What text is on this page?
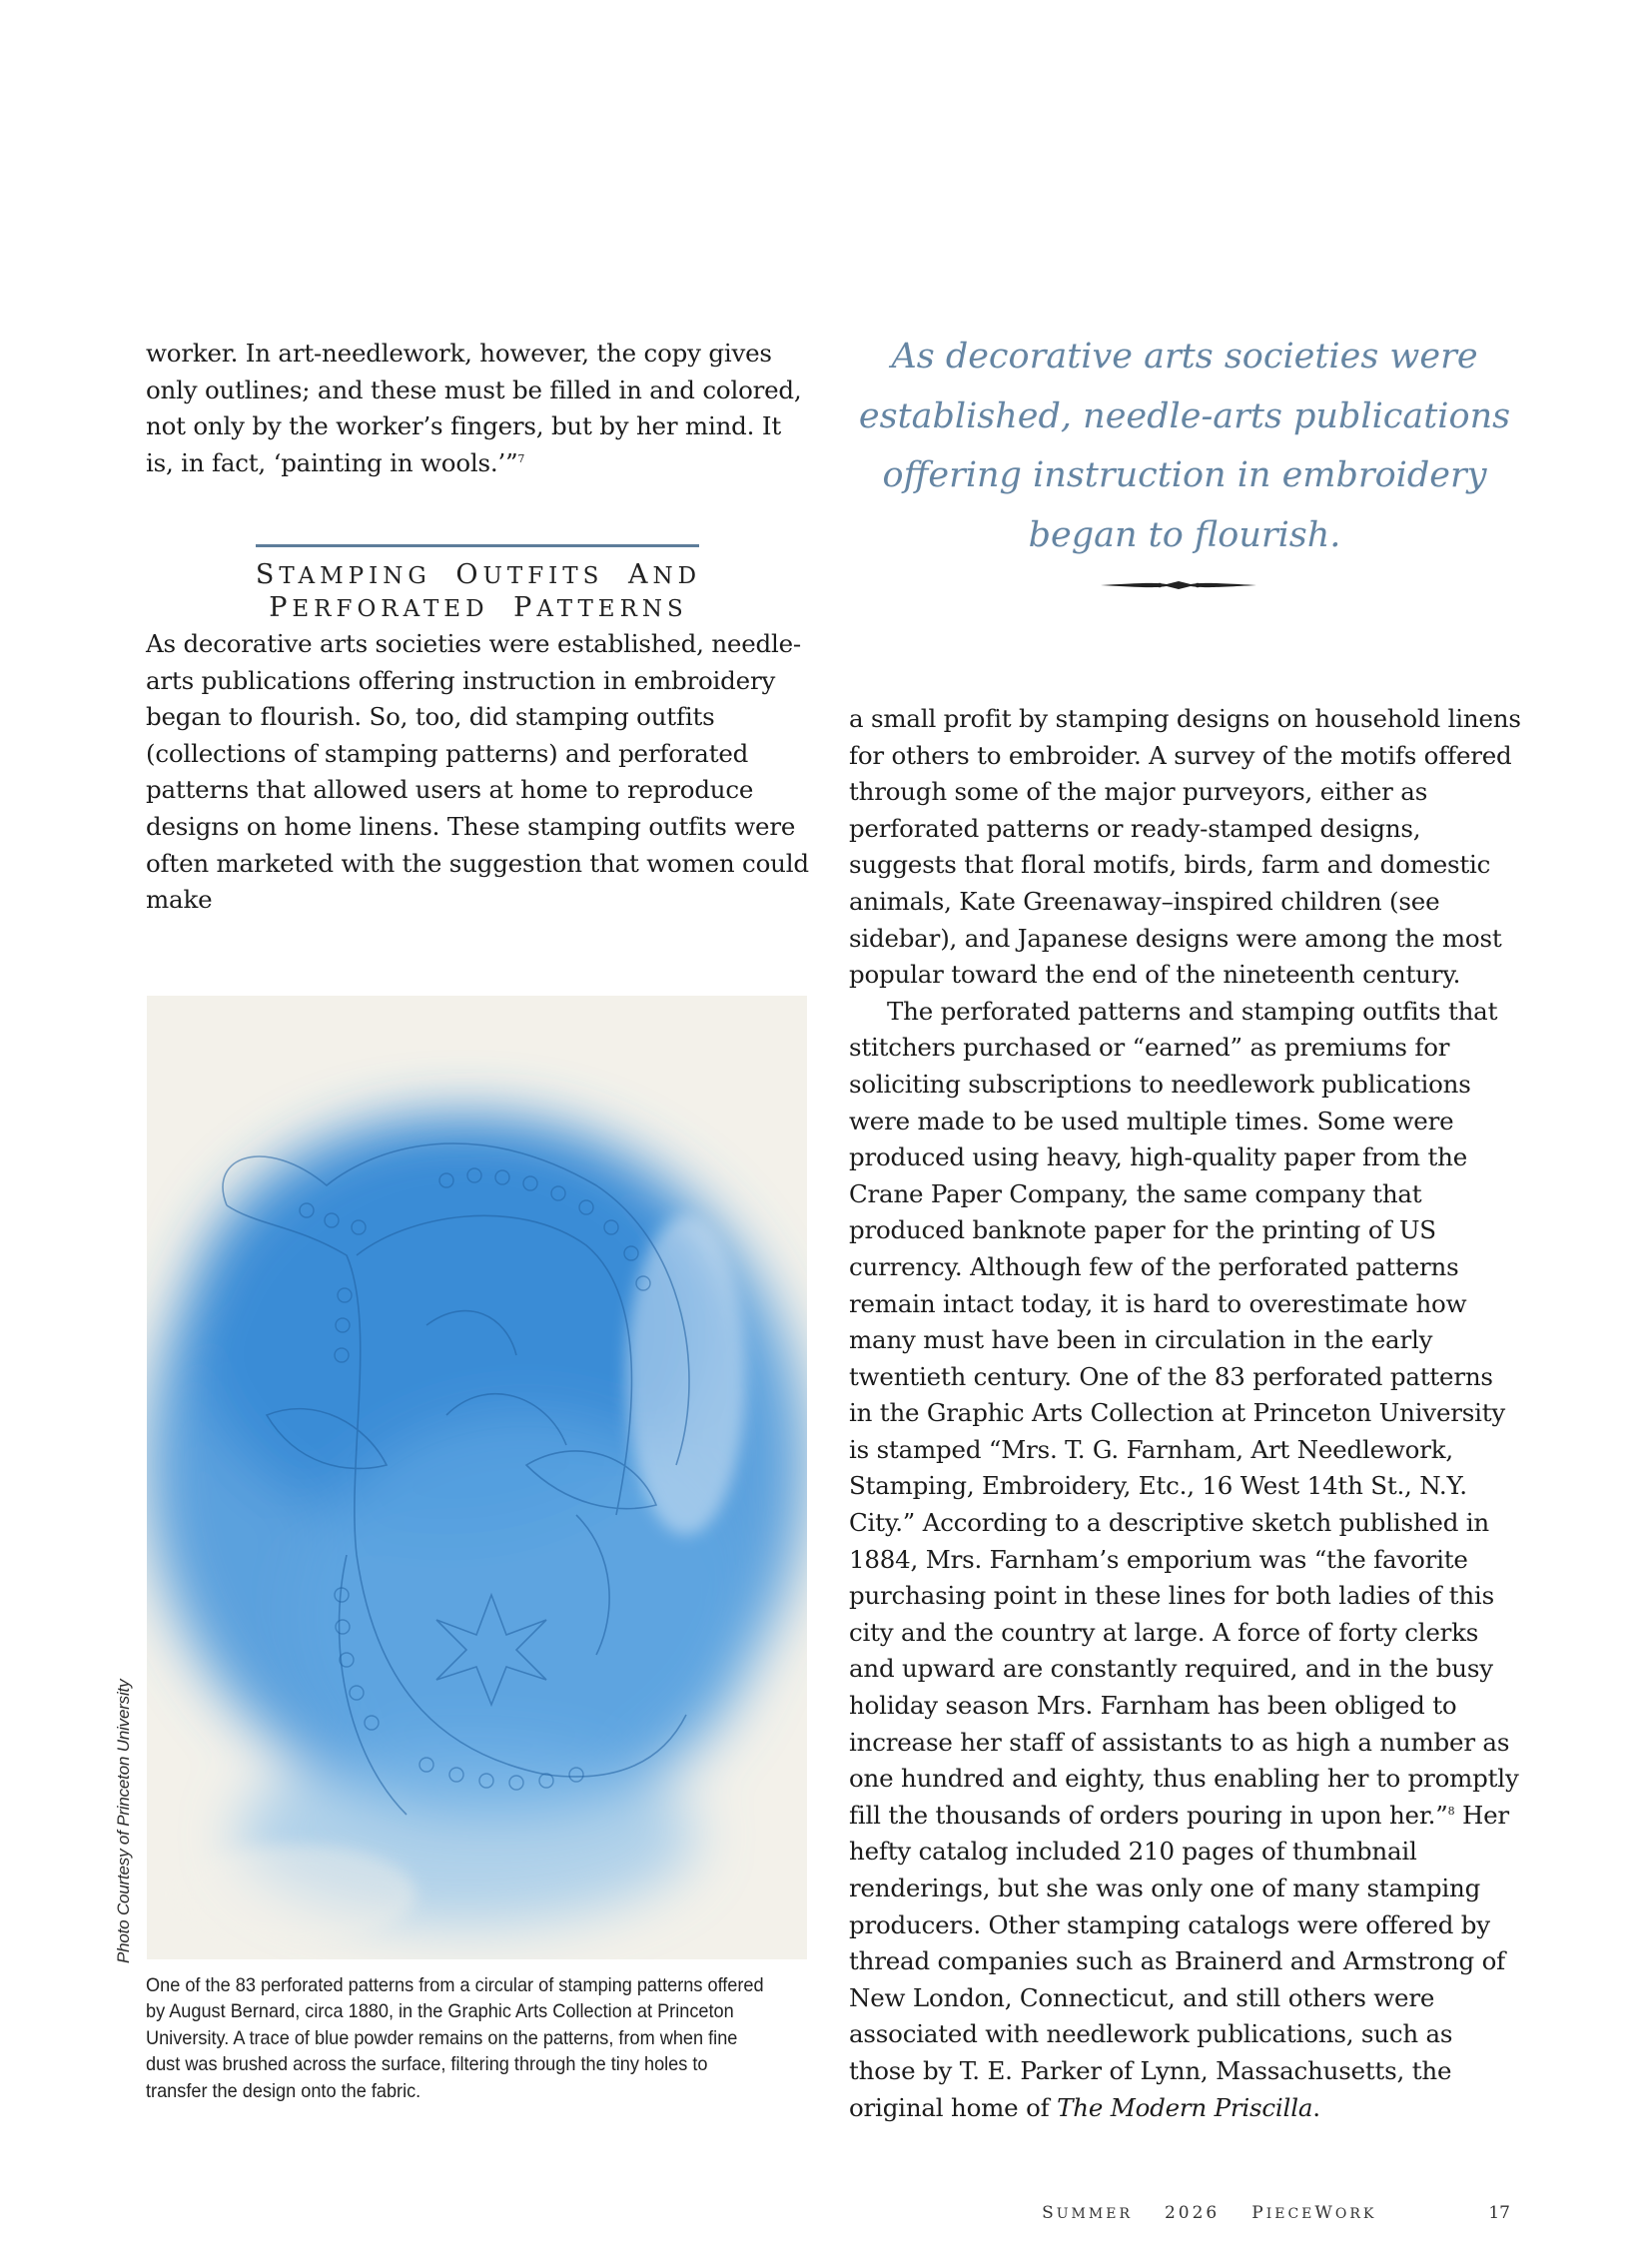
worker. In art-needlework, however, the copy gives only outlines; and these must be filled in and colored, not only by the worker’s fingers, but by her mind. It is, in fact, ‘painting in wools.’”$^7$

STAMPING OUTFITS AND
PERFORATED PATTERNS

As decorative arts societies were established, needle-arts publications offering instruction in embroidery began to flourish. So, too, did stamping outfits (collections of stamping patterns) and perforated patterns that allowed users at home to reproduce designs on home linens. These stamping outfits were often marketed with the suggestion that women could make

As decorative arts societies were established, needle-arts publications offering instruction in embroidery began to flourish.

a small profit by stamping designs on household linens for others to embroider. A survey of the motifs offered through some of the major purveyors, either as perforated patterns or ready-stamped designs, suggests that floral motifs, birds, farm and domestic animals, Kate Greenaway–inspired children (see sidebar), and Japanese designs were among the most popular toward the end of the nineteenth century.

The perforated patterns and stamping outfits that stitchers purchased or “earned” as premiums for soliciting subscriptions to needlework publications were made to be used multiple times. Some were produced using heavy, high-quality paper from the Crane Paper Company, the same company that produced banknote paper for the printing of US currency. Although few of the perforated patterns remain intact today, it is hard to overestimate how many must have been in circulation in the early twentieth century. One of the 83 perforated patterns in the Graphic Arts Collection at Princeton University is stamped “Mrs. T. G. Farnham, Art Needlework, Stamping, Embroidery, Etc., 16 West 14th St., N.Y. City.” According to a descriptive sketch published in 1884, Mrs. Farnham’s emporium was “the favorite purchasing point in these lines for both ladies of this city and the country at large. A force of forty clerks and upward are constantly required, and in the busy holiday season Mrs. Farnham has been obliged to increase her staff of assistants to as high a number as one hundred and eighty, thus enabling her to promptly fill the thousands of orders pouring in upon her.”$^8$ Her hefty catalog included 210 pages of thumbnail renderings, but she was only one of many stamping producers. Other stamping catalogs were offered by thread companies such as Brainerd and Armstrong of New London, Connecticut, and still others were associated with needlework publications, such as those by T. E. Parker of Lynn, Massachusetts, the original home of The Modern Priscilla.

Photo Courtesy of Princeton University

One of the 83 perforated patterns from a circular of stamping patterns offered by August Bernard, circa 1880, in the Graphic Arts Collection at Princeton University. A trace of blue powder remains on the patterns, from when fine dust was brushed across the surface, filtering through the tiny holes to transfer the design onto the fabric.

SUMMER 2026 PIECEWORK	17
